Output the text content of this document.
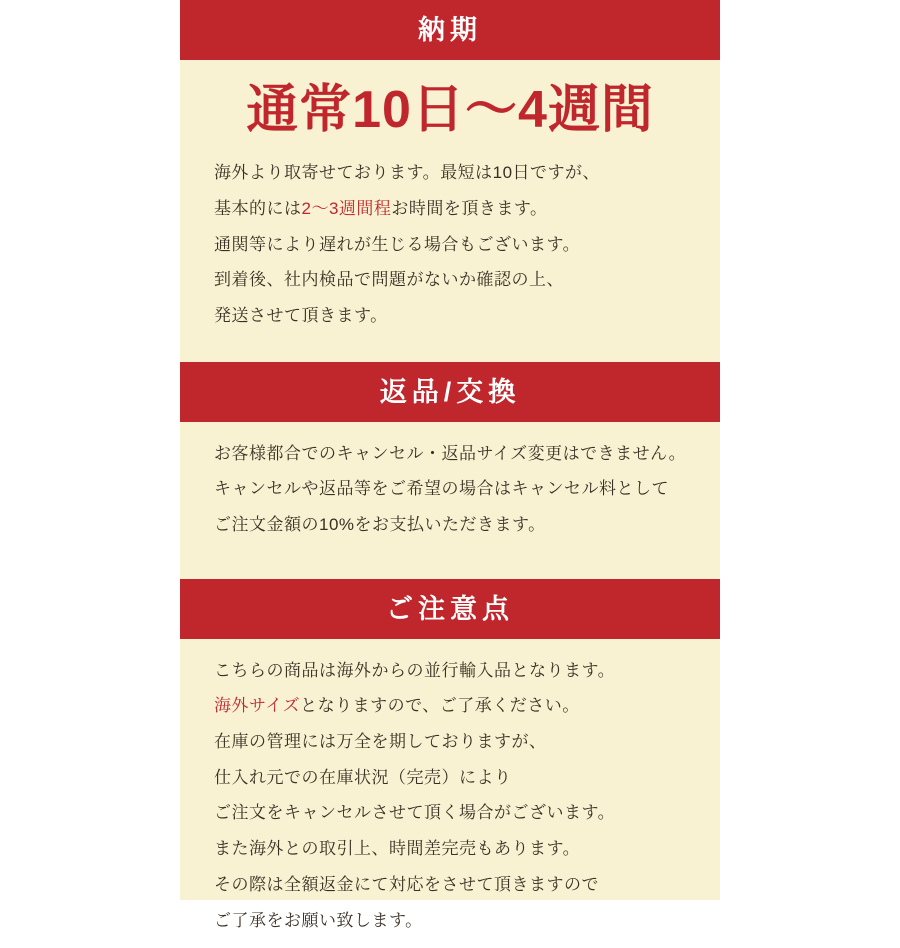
納期
通常10日〜4週間

海外より取寄せております。最短は10日ですが、

基本的には2〜3週間程お時間を頂きます。

通関等により遅れが生じる場合もございます。

到着後、社内検品で問題がないか確認の上、

発送させて頂きます。

返品/交換

お客様都合でのキャンセル・返品サイズ変更はできません。

キャンセルや返品等をご希望の場合はキャンセル料として

ご注文金額の10%をお支払いただきます。

ご注意点

こちらの商品は海外からの並行輸入品となります。

海外サイズとなりますので、ご了承ください。

在庫の管理には万全を期しておりますが、

仕入れ元での在庫状況（完売）により

ご注文をキャンセルさせて頂く場合がございます。

また海外との取引上、時間差完売もあります。

その際は全額返金にて対応をさせて頂きますので

ご了承をお願い致します。
